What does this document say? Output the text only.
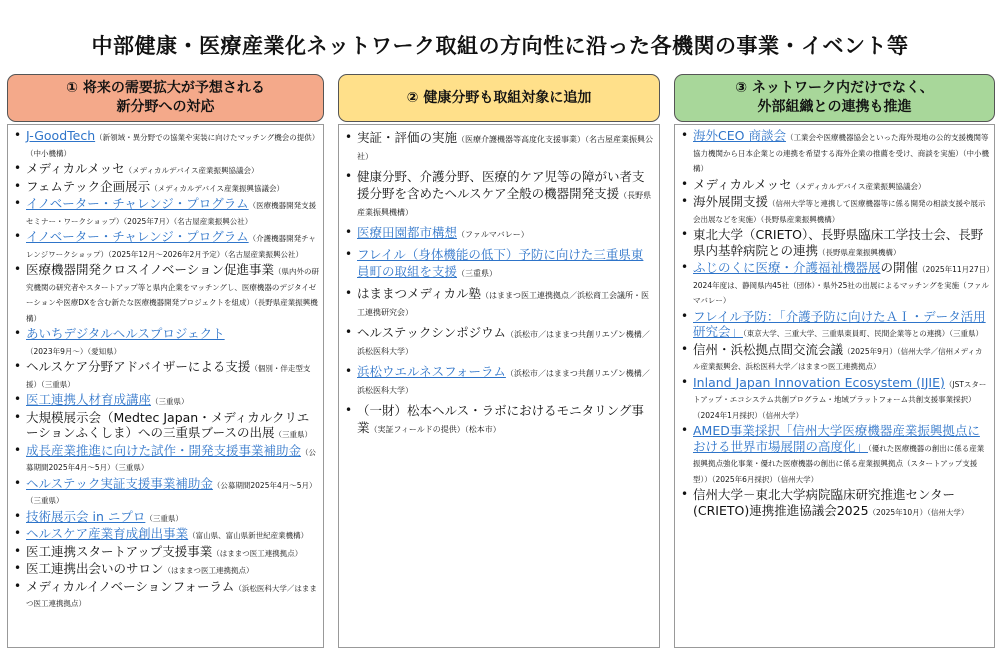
中部健康・医療産業化ネットワーク取組の方向性に沿った各機関の事業・イベント等
① 将来の需要拡大が予想される
新分野への対応
② 健康分野も取組対象に追加
③ ネットワーク内だけでなく、
外部組織との連携も推進
• J-GoodTech（新領域・異分野での協業や実装に向けたマッチング機会の提供）（中小機構）
• メディカルメッセ（メディカルデバイス産業振興協議会）
• フェムテック企画展示（メディカルデバイス産業振興協議会）
• イノベーター・チャレンジ・プログラム（医療機器開発支援セミナー・ワークショップ）（2025年7月）（名古屋産業振興公社）
• イノベーター・チャレンジ・プログラム（介護機器開発チャレンジワークショップ）（2025年12月～2026年2月予定）（名古屋産業振興公社）
• 医療機器開発クロスイノベーション促進事業（県内外の研究機関の研究者やスタートアップ等と県内企業をマッチングし、医療機器のデジタイゼーションや医療DXを含む新たな医療機器開発プロジェクトを組成）（長野県産業振興機構）
• あいちデジタルヘルスプロジェクト（2023年9月～）（愛知県）
• ヘルスケア分野アドバイザーによる支援（個別・伴走型支援）（三重県）
• 医工連携人材育成講座（三重県）
• 大規模展示会（Medtec Japan・メディカルクリエーションふくしま）への三重県ブースの出展（三重県）
• 成長産業推進に向けた試作・開発支援事業補助金（公募期間2025年4月～5月）（三重県）
• ヘルステック実証支援事業補助金（公募期間2025年4月～5月）（三重県）
• 技術展示会 in ニプロ（三重県）
• ヘルスケア産業育成創出事業（富山県、富山県新世紀産業機構）
• 医工連携スタートアップ支援事業（はままつ医工連携拠点）
• 医工連携出会いのサロン（はままつ医工連携拠点）
• メディカルイノベーションフォーラム（浜松医科大学／はままつ医工連携拠点）
• 実証・評価の実施（医療介護機器等高度化支援事業）（名古屋産業振興公社）
• 健康分野、介護分野、医療的ケア児等の障がい者支援分野を含めたヘルスケア全般の機器開発支援（長野県産業振興機構）
• 医療田園都市構想（ファルマバレー）
• フレイル（身体機能の低下）予防に向けた三重県東員町の取組を支援（三重県）
• はままつメディカル塾（はままつ医工連携拠点／浜松商工会議所・医工連携研究会）
• ヘルステックシンポジウム（浜松市／はままつ共創リエゾン機構／浜松医科大学）
• 浜松ウエルネスフォーラム（浜松市／はままつ共創リエゾン機構／浜松医科大学）
• （一財）松本ヘルス・ラボにおけるモニタリング事業（実証フィールドの提供）（松本市）
• 海外CEO 商談会（工業会や医療機器協会といった海外現地の公的支援機関等協力機関から日本企業との連携を希望する海外企業の推薦を受け、商談を実施）（中小機構）
• メディカルメッセ（メディカルデバイス産業振興協議会）
• 海外展開支援（信州大学等と連携して医療機器等に係る開発の相談支援や展示会出展などを実施）（長野県産業振興機構）
• 東北大学（CRIETO）、長野県臨床工学技士会、長野県内基幹病院との連携（長野県産業振興機構）
• ふじのくに医療・介護福祉機器展の開催（2025年11月27日）2024年度は、静岡県内45社（団体）・県外25社の出展によるマッチングを実施（ファルマバレー）
• フレイル予防：「介護予防に向けたＡＩ・データ活用研究会」（東京大学、三重大学、三重県東員町、民間企業等との連携）（三重県）
• 信州・浜松拠点間交流会議（2025年9月）（信州大学／信州メディカル産業振興会、浜松医科大学／はままつ医工連携拠点）
• Inland Japan Innovation Ecosystem (IJIE)（JSTスタートアップ・エコシステム共創プログラム・地域プラットフォーム共創支援事業採択）（2024年1月採択）（信州大学）
• AMED事業採択「信州大学医療機器産業振興拠点における世界市場展開の高度化」（優れた医療機器の創出に係る産業振興拠点強化事業・優れた医療機器の創出に係る産業振興拠点（スタートアップ支援型））（2025年6月採択）（信州大学）
• 信州大学－東北大学病院臨床研究推進センター(CRIETO)連携推進協議会2025（2025年10月）（信州大学）
